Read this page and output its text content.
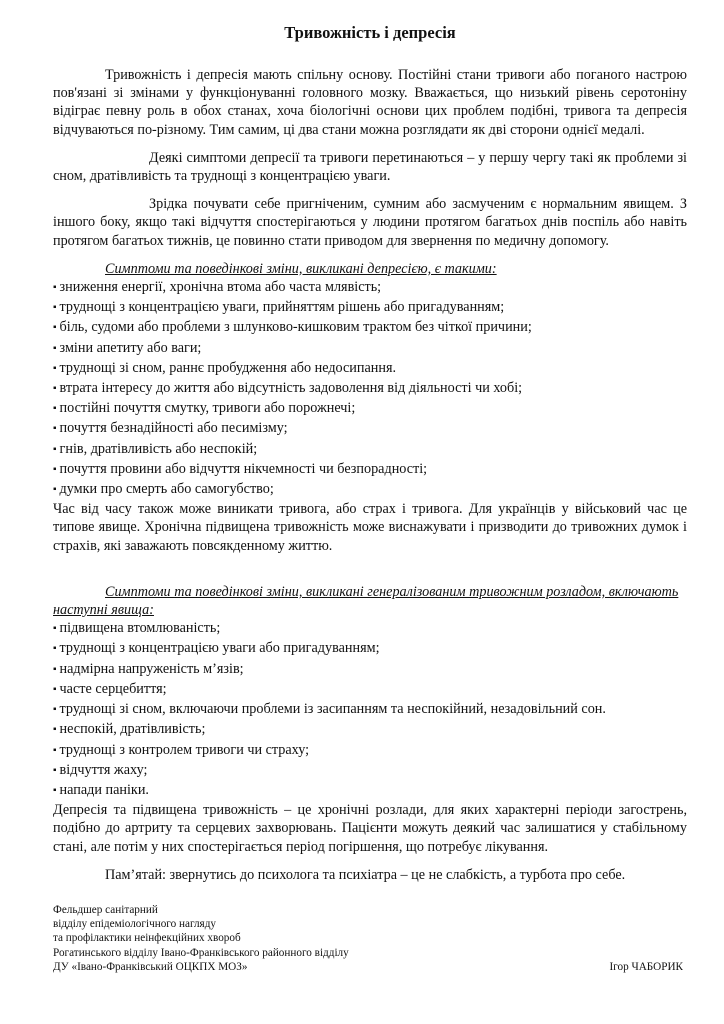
Тривожність і депресія

Тривожність і депресія мають спільну основу. Постійні стани тривоги або поганого настрою пов'язані зі змінами у функціонуванні головного мозку. Вважається, що низький рівень серотоніну відіграє певну роль в обох станах, хоча біологічні основи цих проблем подібні, тривога та депресія відчуваються по-різному. Тим самим, ці два стани можна розглядати як дві сторони однієї медалі.

Деякі симптоми депресії та тривоги перетинаються – у першу чергу такі як проблеми зі сном, дратівливість та труднощі з концентрацією уваги.

Зрідка почувати себе пригніченим, сумним або засмученим є нормальним явищем. З іншого боку, якщо такі відчуття спостерігаються у людини протягом багатьох днів поспіль або навіть протягом багатьох тижнів, це повинно стати приводом для звернення по медичну допомогу.

Симптоми та поведінкові зміни, викликані депресією, є такими:
▪ зниження енергії, хронічна втома або часта млявість;
▪ труднощі з концентрацією уваги, прийняттям рішень або пригадуванням;
▪ біль, судоми або проблеми з шлунково-кишковим трактом без чіткої причини;
▪ зміни апетиту або ваги;
▪ труднощі зі сном, раннє пробудження або недосипання.
▪ втрата інтересу до життя або відсутність задоволення від діяльності чи хобі;
▪ постійні почуття смутку, тривоги або порожнечі;
▪ почуття безнадійності або песимізму;
▪ гнів, дратівливість або неспокій;
▪ почуття провини або відчуття нікчемності чи безпорадності;
▪ думки про смерть або самогубство;

Час від часу також може виникати тривога, або страх і тривога. Для українців у військовий час це типове явище. Хронічна підвищена тривожність може виснажувати і призводити до тривожних думок і страхів, які заважають повсякденному життю.

Симптоми та поведінкові зміни, викликані генералізованим тривожним розладом, включають наступні явища:
▪ підвищена втомлюваність;
▪ труднощі з концентрацією уваги або пригадуванням;
▪ надмірна напруженість м’язів;
▪ часте серцебиття;
▪ труднощі зі сном, включаючи проблеми із засипанням та неспокійний, незадовільний сон.
▪ неспокій, дратівливість;
▪ труднощі з контролем тривоги чи страху;
▪ відчуття жаху;
▪ напади паніки.

Депресія та підвищена тривожність – це хронічні розлади, для яких характерні періоди загострень, подібно до артриту та серцевих захворювань. Пацієнти можуть деякий час залишатися у стабільному стані, але потім у них спостерігається період погіршення, що потребує лікування.

Пам’ятай: звернутись до психолога та психіатра – це не слабкість, а турбота про себе.

Фельдшер санітарний
відділу епідеміологічного нагляду
та профілактики неінфекційних хвороб
Рогатинського відділу Івано-Франківського районного відділу
ДУ «Івано-Франківський ОЦКПХ МОЗ»	Ігор ЧАБОРИК
